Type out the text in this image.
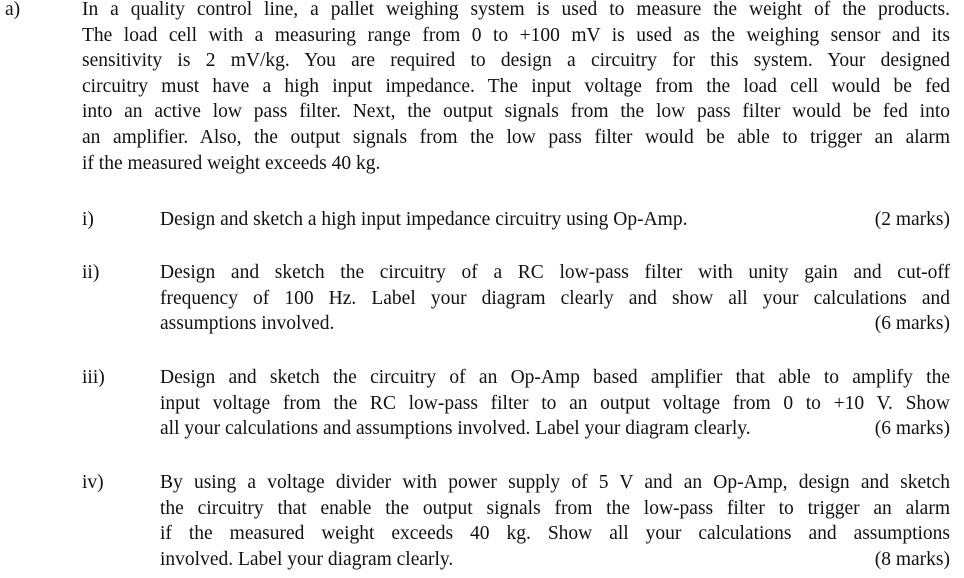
a)	In a quality control line, a pallet weighing system is used to measure the weight of the products.
The load cell with a measuring range from 0 to +100 mV is used as the weighing sensor and its
sensitivity is 2 mV/kg. You are required to design a circuitry for this system. Your designed
circuitry must have a high input impedance. The input voltage from the load cell would be fed
into an active low pass filter. Next, the output signals from the low pass filter would be fed into
an amplifier. Also, the output signals from the low pass filter would be able to trigger an alarm
if the measured weight exceeds 40 kg.
i)	Design and sketch a high input impedance circuitry using Op-Amp.	(2 marks)
ii)	Design and sketch the circuitry of a RC low-pass filter with unity gain and cut-off
frequency of 100 Hz. Label your diagram clearly and show all your calculations and
assumptions involved.	(6 marks)
iii)	Design and sketch the circuitry of an Op-Amp based amplifier that able to amplify the
input voltage from the RC low-pass filter to an output voltage from 0 to +10 V. Show
all your calculations and assumptions involved. Label your diagram clearly.	(6 marks)
iv)	By using a voltage divider with power supply of 5 V and an Op-Amp, design and sketch
the circuitry that enable the output signals from the low-pass filter to trigger an alarm
if the measured weight exceeds 40 kg. Show all your calculations and assumptions
involved. Label your diagram clearly.	(8 marks)
